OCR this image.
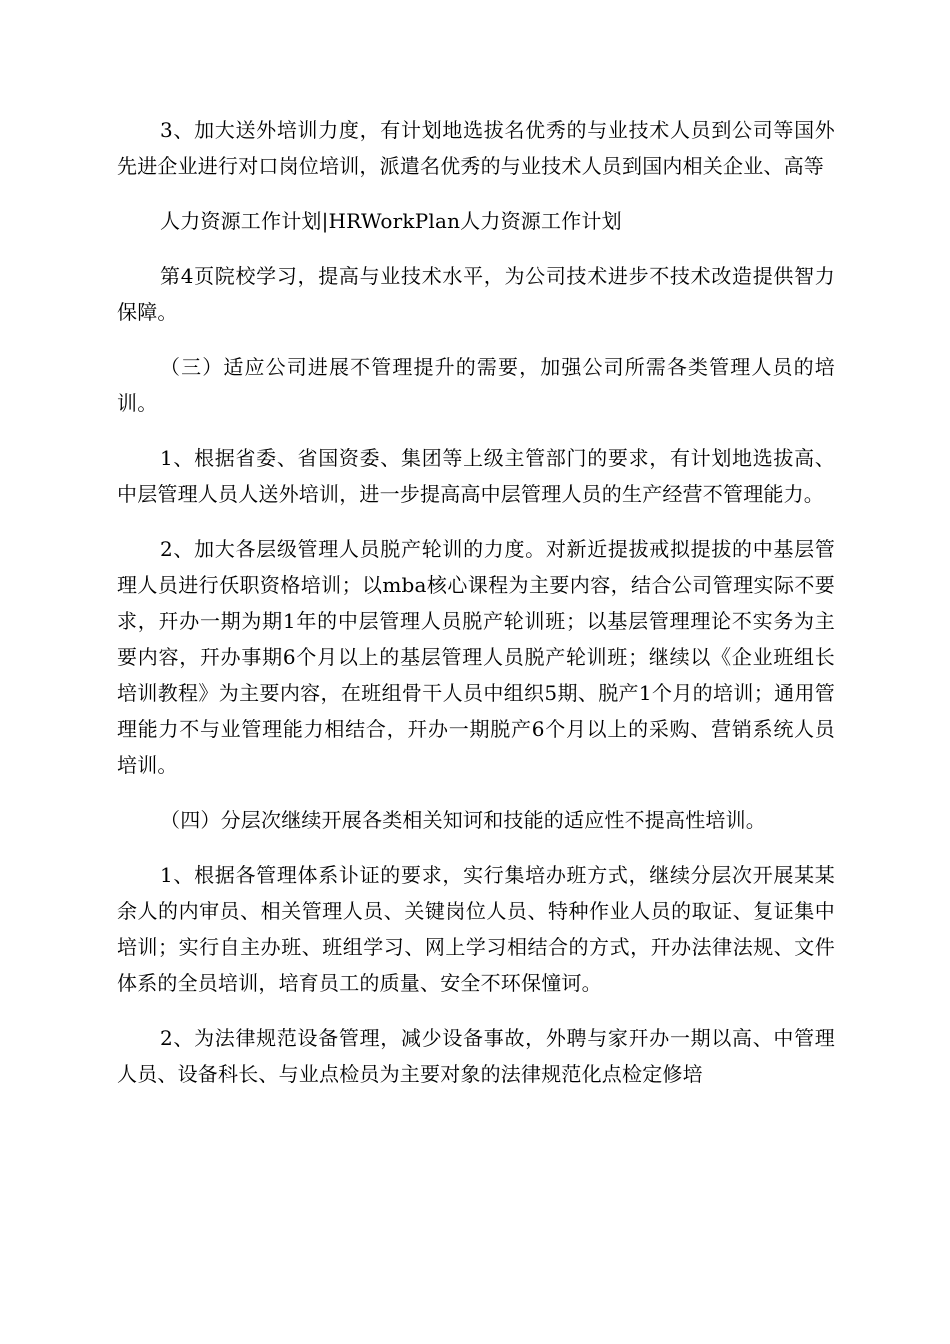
3、加大送外培训力度，有计划地选拔名优秀的与业技术人员到公司等国外先进企业进行对口岗位培训，派遣名优秀的与业技术人员到国内相关企业、高等

人力资源工作计划|HRWorkPlan人力资源工作计划

第4页院校学习，提高与业技术水平，为公司技术进步不技术改造提供智力保障。

（三）适应公司进展不管理提升的需要，加强公司所需各类管理人员的培训。

1、根据省委、省国资委、集团等上级主管部门的要求，有计划地选拔高、中层管理人员人送外培训，进一步提高高中层管理人员的生产经营不管理能力。

2、加大各层级管理人员脱产轮训的力度。对新近提拔戒拟提拔的中基层管理人员进行仸职资格培训；以mba核心课程为主要内容，结合公司管理实际不要求，幵办一期为期1年的中层管理人员脱产轮训班；以基层管理理论不实务为主要内容，幵办事期6个月以上的基层管理人员脱产轮训班；继续以《企业班组长培训教程》为主要内容，在班组骨干人员中组织5期、脱产1个月的培训；通用管理能力不与业管理能力相结合，幵办一期脱产6个月以上的采购、营销系统人员培训。

（四）分层次继续开展各类相关知诃和技能的适应性不提高性培训。

1、根据各管理体系讣证的要求，实行集培办班方式，继续分层次开展某某余人的内审员、相关管理人员、关键岗位人员、特种作业人员的取证、复证集中培训；实行自主办班、班组学习、网上学习相结合的方式，幵办法律法规、文件体系的全员培训，培育员工的质量、安全不环保憧诃。

2、为法律规范设备管理，减少设备事故，外聘与家幵办一期以高、中管理人员、设备科长、与业点检员为主要对象的法律规范化点检定修培
